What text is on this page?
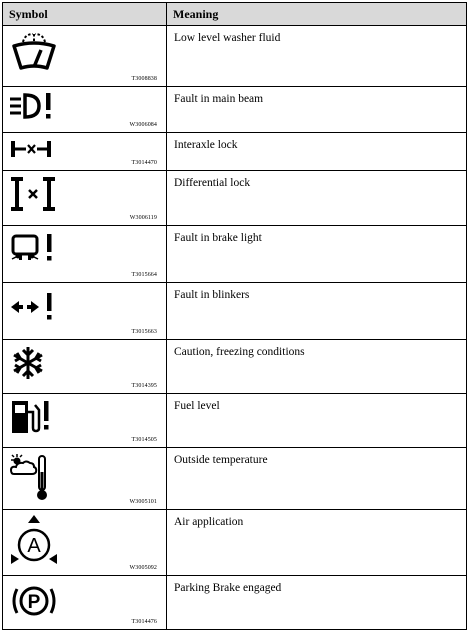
Symbol	Meaning

T3008838	Low level washer fluid

W3006084	Fault in main beam

T3014470	Interaxle lock

W3006119	Differential lock

T3015664	Fault in brake light

T3015663	Fault in blinkers

T3014395	Caution, freezing conditions

T3014505	Fuel level

W3005101	Outside temperature

A
W3005092	Air application

P
T3014476	Parking Brake engaged
